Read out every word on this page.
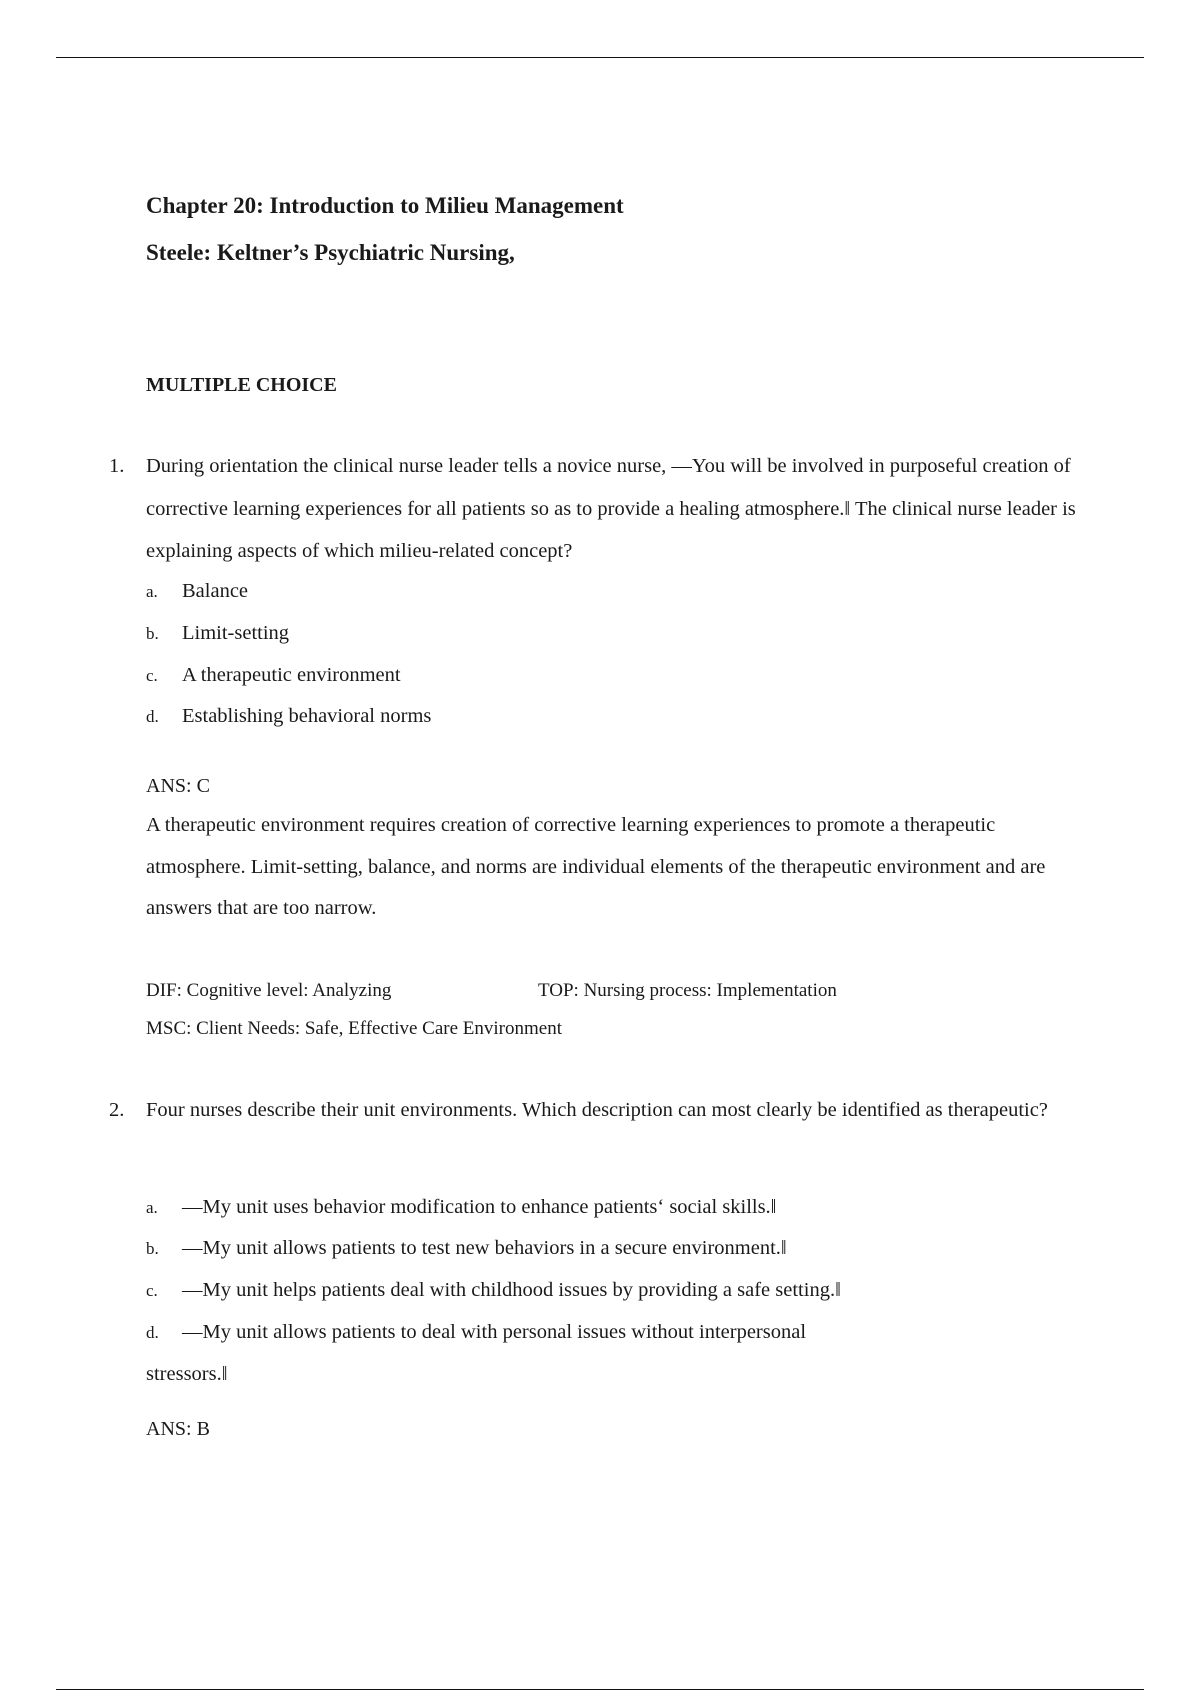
Chapter 20: Introduction to Milieu Management
Steele: Keltner’s Psychiatric Nursing,
MULTIPLE CHOICE
1. During orientation the clinical nurse leader tells a novice nurse, ―You will be involved in purposeful creation of corrective learning experiences for all patients so as to provide a healing atmosphere.‖ The clinical nurse leader is explaining aspects of which milieu-related concept?
a. Balance
b. Limit-setting
c. A therapeutic environment
d. Establishing behavioral norms
ANS: C
A therapeutic environment requires creation of corrective learning experiences to promote a therapeutic atmosphere. Limit-setting, balance, and norms are individual elements of the therapeutic environment and are answers that are too narrow.
DIF: Cognitive level: Analyzing	TOP: Nursing process: Implementation
MSC: Client Needs: Safe, Effective Care Environment
2. Four nurses describe their unit environments. Which description can most clearly be identified as therapeutic?
a. ―My unit uses behavior modification to enhance patients‘ social skills.‖
b. ―My unit allows patients to test new behaviors in a secure environment.‖
c. ―My unit helps patients deal with childhood issues by providing a safe setting.‖
d. ―My unit allows patients to deal with personal issues without interpersonal
stressors.‖
ANS: B
